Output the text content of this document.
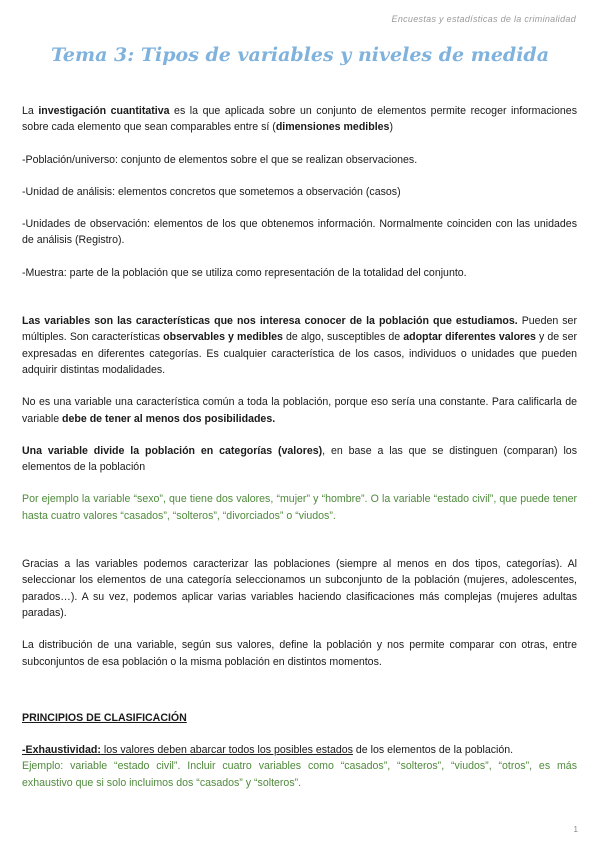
Encuestas y estadísticas de la criminalidad
Tema 3: Tipos de variables y niveles de medida

La investigación cuantitativa es la que aplicada sobre un conjunto de elementos permite recoger informaciones sobre cada elemento que sean comparables entre sí (dimensiones medibles)

-Población/universo: conjunto de elementos sobre el que se realizan observaciones.

-Unidad de análisis: elementos concretos que sometemos a observación (casos)

-Unidades de observación: elementos de los que obtenemos información. Normalmente coinciden con las unidades de análisis (Registro).

-Muestra: parte de la población que se utiliza como representación de la totalidad del conjunto.

Las variables son las características que nos interesa conocer de la población que estudiamos. Pueden ser múltiples. Son características observables y medibles de algo, susceptibles de adoptar diferentes valores y de ser expresadas en diferentes categorías. Es cualquier característica de los casos, individuos o unidades que pueden adquirir distintas modalidades.

No es una variable una característica común a toda la población, porque eso sería una constante. Para calificarla de variable debe de tener al menos dos posibilidades.

Una variable divide la población en categorías (valores), en base a las que se distinguen (comparan) los elementos de la población

Por ejemplo la variable “sexo”, que tiene dos valores, “mujer” y “hombre”. O la variable “estado civil”, que puede tener hasta cuatro valores “casados”, “solteros”, “divorciados” o “viudos”.

Gracias a las variables podemos caracterizar las poblaciones (siempre al menos en dos tipos, categorías). Al seleccionar los elementos de una categoría seleccionamos un subconjunto de la población (mujeres, adolescentes, parados…). A su vez, podemos aplicar varias variables haciendo clasificaciones más complejas (mujeres adultas paradas).

La distribución de una variable, según sus valores, define la población y nos permite comparar con otras, entre subconjuntos de esa población o la misma población en distintos momentos.

PRINCIPIOS DE CLASIFICACIÓN

-Exhaustividad: los valores deben abarcar todos los posibles estados de los elementos de la población.
Ejemplo: variable “estado civil”. Incluir cuatro variables como “casados”, “solteros”, “viudos”, “otros”, es más exhaustivo que si solo incluimos dos “casados” y “solteros”.

1
